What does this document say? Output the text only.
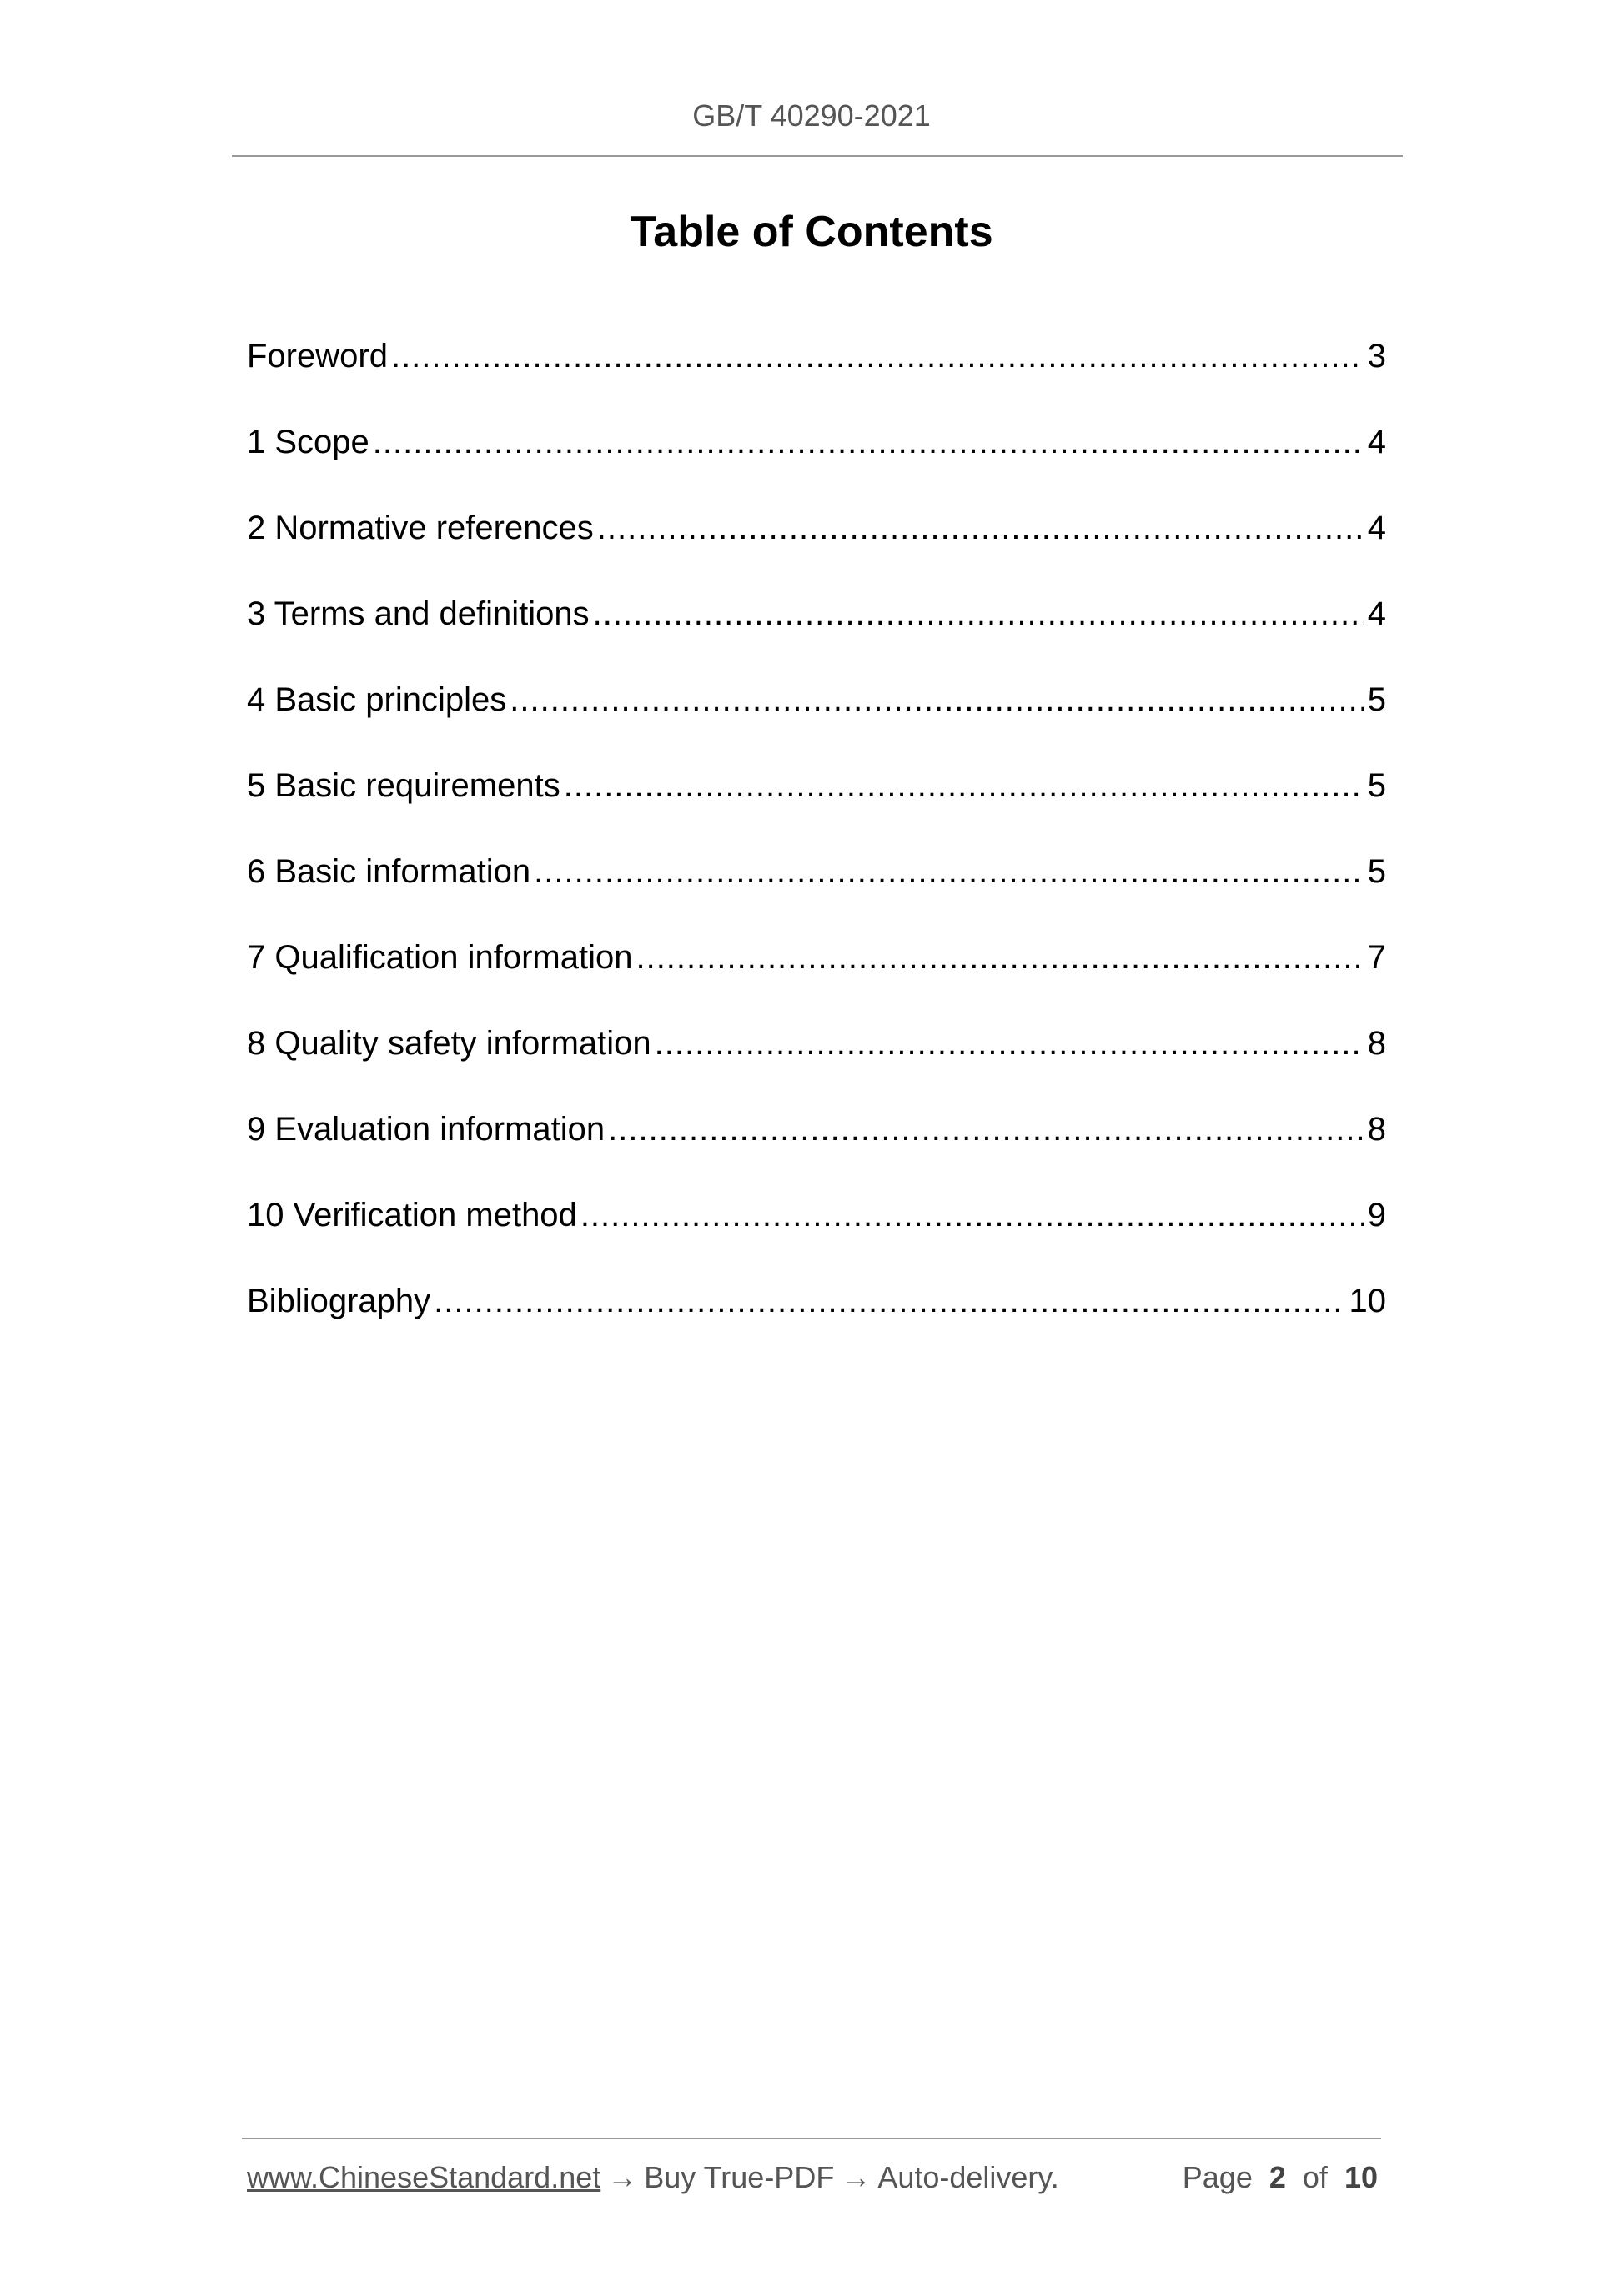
GB/T 40290-2021
Table of Contents
Foreword .....	3
1 Scope .....	4
2 Normative references .....	4
3 Terms and definitions .....	4
4 Basic principles .....	5
5 Basic requirements .....	5
6 Basic information .....	5
7 Qualification information .....	7
8 Quality safety information .....	8
9 Evaluation information .....	8
10 Verification method .....	9
Bibliography .....	10
www.ChineseStandard.net → Buy True-PDF → Auto-delivery.	Page 2 of 10
